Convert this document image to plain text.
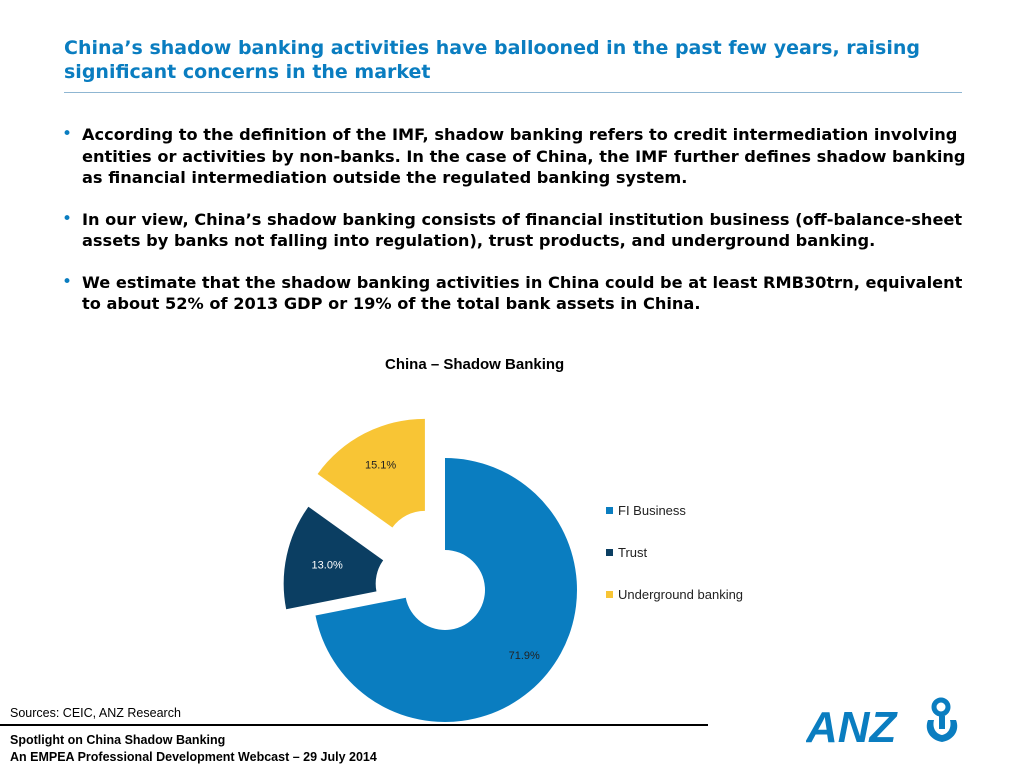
China’s shadow banking activities have ballooned in the past few years, raising significant concerns in the market
• According to the definition of the IMF, shadow banking refers to credit intermediation involving entities or activities by non-banks. In the case of China, the IMF further defines shadow banking as financial intermediation outside the regulated banking system.
• In our view, China’s shadow banking consists of financial institution business (off-balance-sheet assets by banks not falling into regulation), trust products, and underground banking.
• We estimate that the shadow banking activities in China could be at least RMB30trn, equivalent to about 52% of 2013 GDP or 19% of the total bank assets in China.
China – Shadow Banking
71.9%
13.0%
15.1%
FI Business
Trust
Underground banking
Sources: CEIC, ANZ Research
Spotlight on China Shadow Banking
An EMPEA Professional Development Webcast – 29 July 2014
ANZ
